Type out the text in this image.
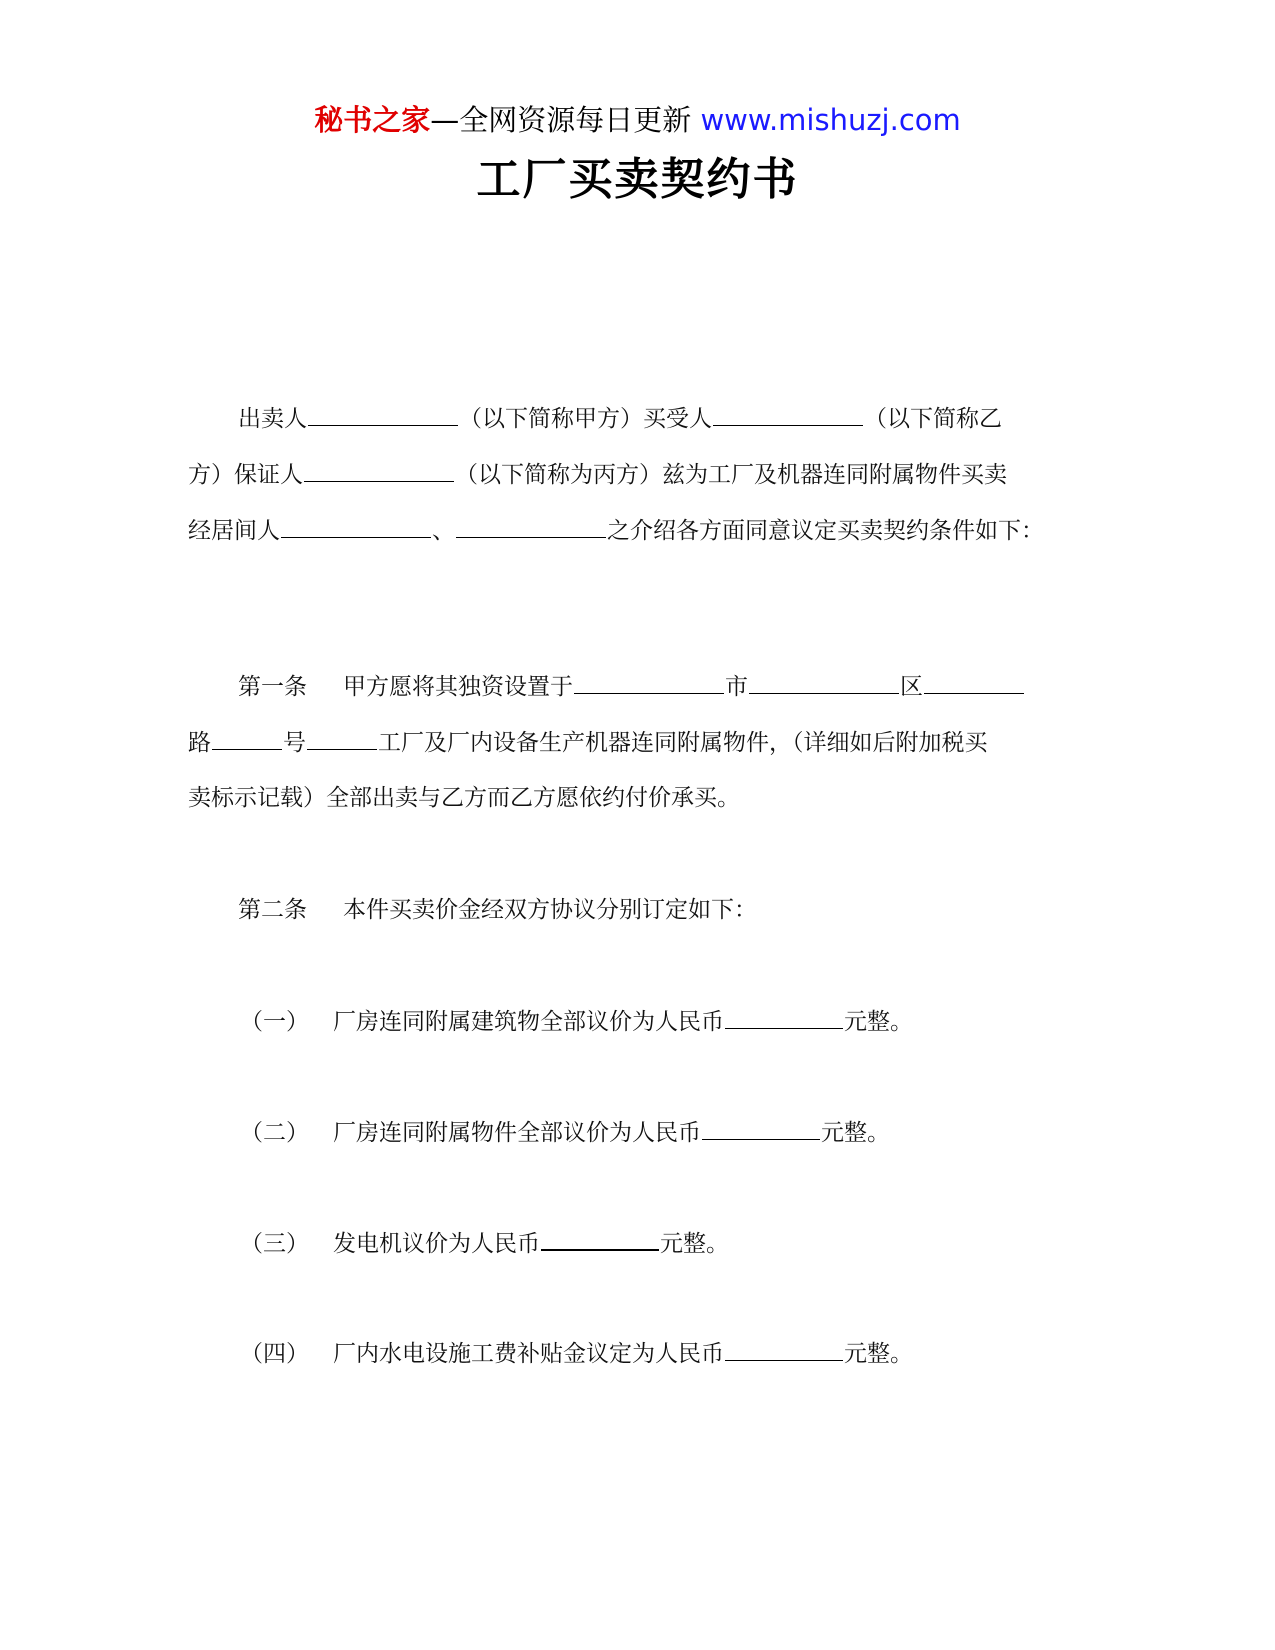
秘书之家—全网资源每日更新 www.mishuzj.com
工厂买卖契约书
出卖人	（以下简称甲方）买受人	（以下简称乙
方）保证人	（以下简称为丙方）兹为工厂及机器连同附属物件买卖
经居间人	、	之介绍各方面同意议定买卖契约条件如下：
第一条 甲方愿将其独资设置于	市	区
路	号	工厂及厂内设备生产机器连同附属物件，（详细如后附加税买
卖标示记载）全部出卖与乙方而乙方愿依约付价承买。
第二条 本件买卖价金经双方协议分别订定如下：
（一） 厂房连同附属建筑物全部议价为人民币	元整。
（二） 厂房连同附属物件全部议价为人民币	元整。
（三） 发电机议价为人民币	元整。
（四） 厂内水电设施工费补贴金议定为人民币	元整。
